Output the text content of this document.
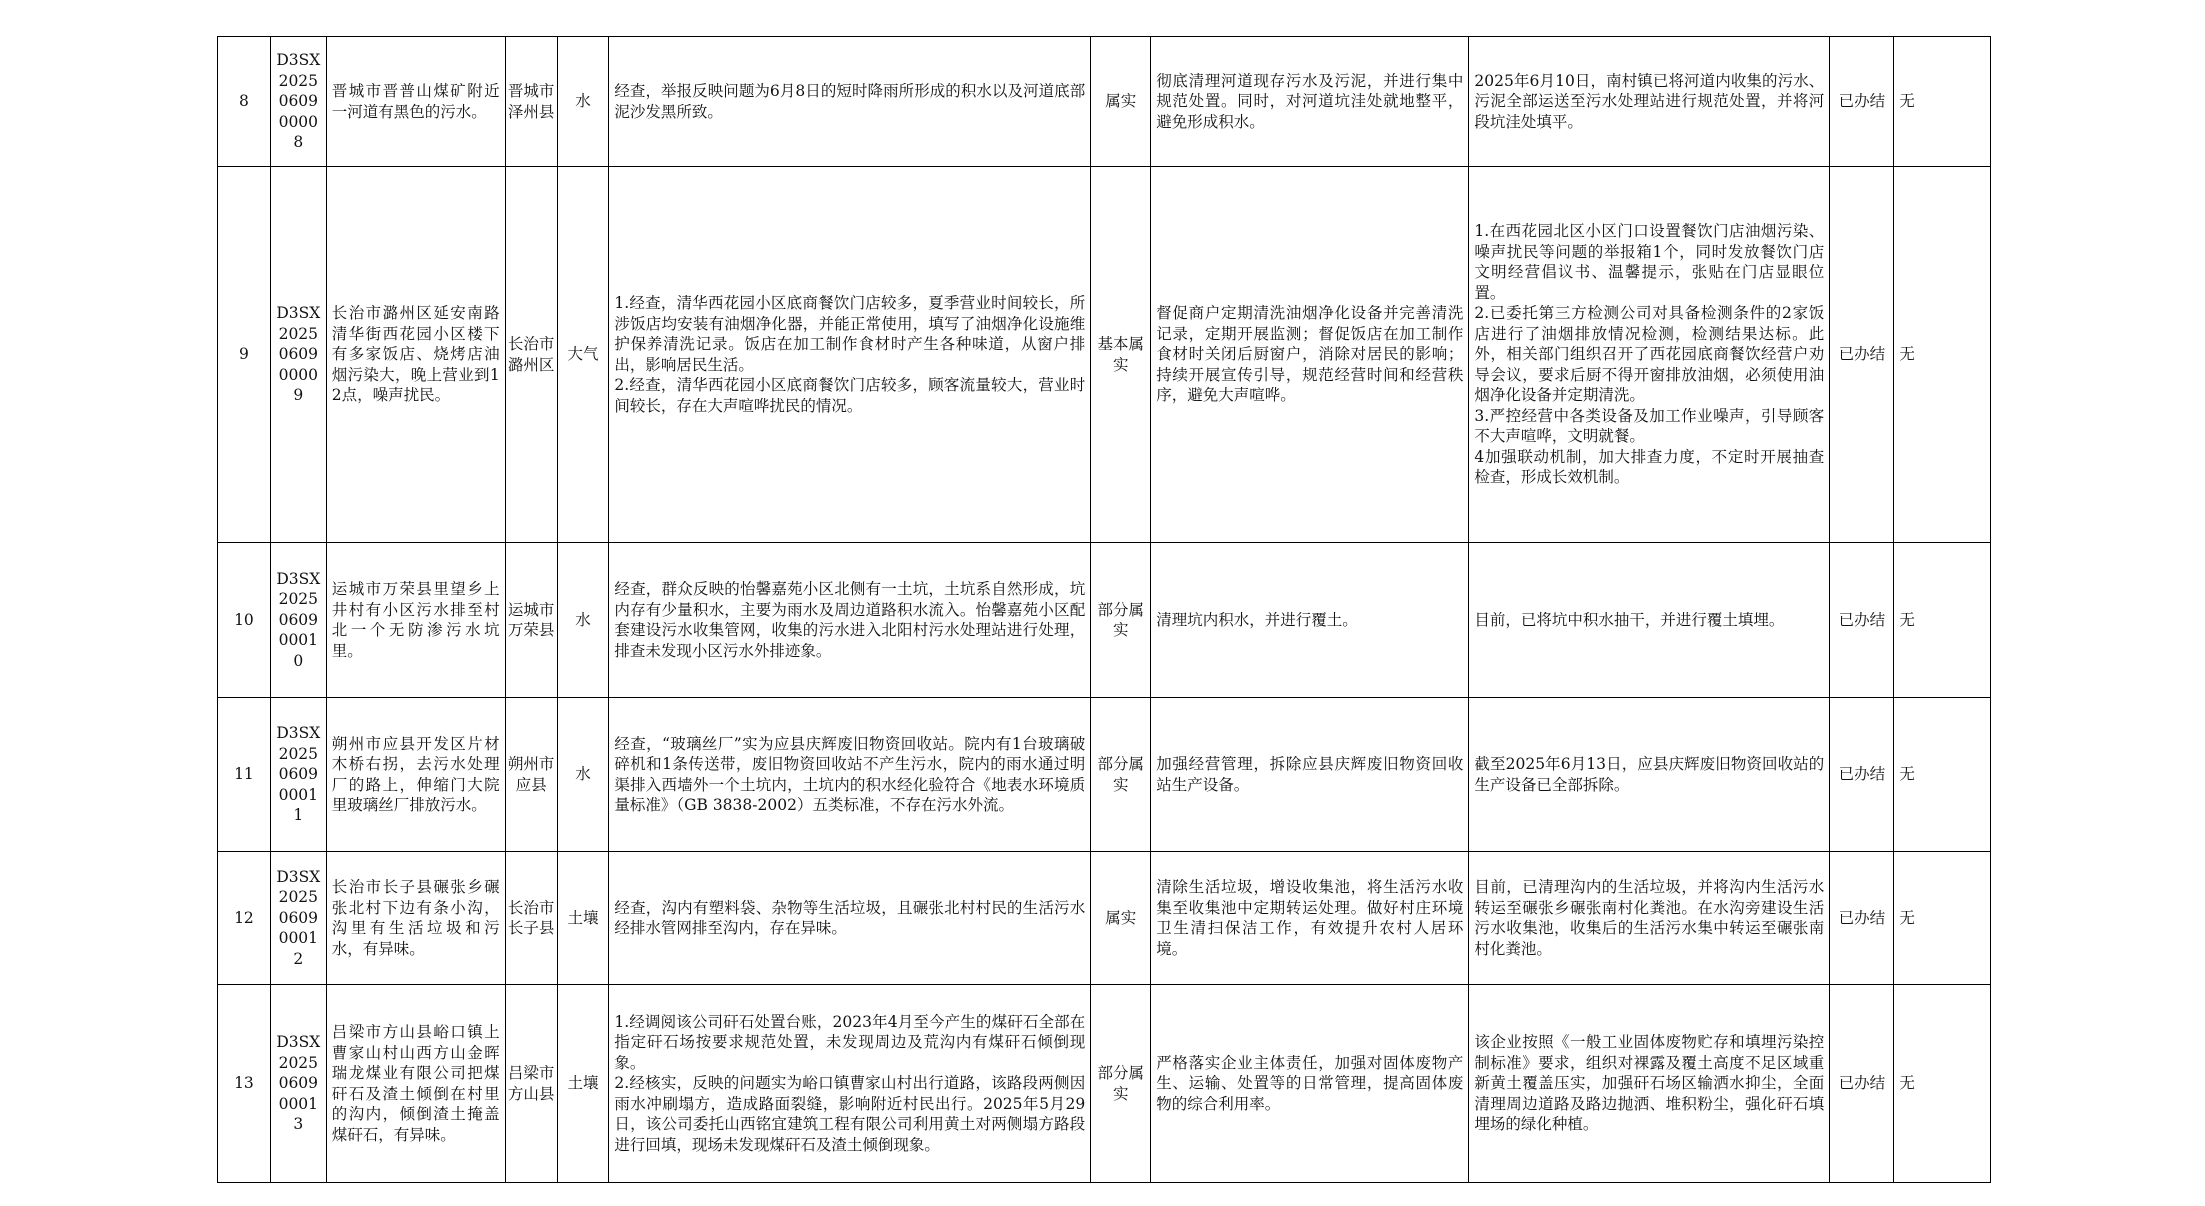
8	D3SX2025060900008	晋城市晋普山煤矿附近一河道有黑色的污水。	晋城市泽州县	水	经查，举报反映问题为6月8日的短时降雨所形成的积水以及河道底部泥沙发黑所致。	属实	彻底清理河道现存污水及污泥，并进行集中规范处置。同时，对河道坑洼处就地整平，避免形成积水。	2025年6月10日，南村镇已将河道内收集的污水、污泥全部运送至污水处理站进行规范处置，并将河段坑洼处填平。	已办结	无
9	D3SX2025060900009	长治市潞州区延安南路清华街西花园小区楼下有多家饭店、烧烤店油烟污染大，晚上营业到12点，噪声扰民。	长治市潞州区	大气	1.经查，清华西花园小区底商餐饮门店较多，夏季营业时间较长，所涉饭店均安装有油烟净化器，并能正常使用，填写了油烟净化设施维护保养清洗记录。饭店在加工制作食材时产生各种味道，从窗户排出，影响居民生活。
2.经查，清华西花园小区底商餐饮门店较多，顾客流量较大，营业时间较长，存在大声喧哗扰民的情况。	基本属实	督促商户定期清洗油烟净化设备并完善清洗记录，定期开展监测；督促饭店在加工制作食材时关闭后厨窗户，消除对居民的影响；持续开展宣传引导，规范经营时间和经营秩序，避免大声喧哗。	1.在西花园北区小区门口设置餐饮门店油烟污染、噪声扰民等问题的举报箱1个，同时发放餐饮门店文明经营倡议书、温馨提示，张贴在门店显眼位置。
2.已委托第三方检测公司对具备检测条件的2家饭店进行了油烟排放情况检测，检测结果达标。此外，相关部门组织召开了西花园底商餐饮经营户劝导会议，要求后厨不得开窗排放油烟，必须使用油烟净化设备并定期清洗。
3.严控经营中各类设备及加工作业噪声，引导顾客不大声喧哗，文明就餐。
4加强联动机制，加大排查力度，不定时开展抽查检查，形成长效机制。	已办结	无
10	D3SX2025060900010	运城市万荣县里望乡上井村有小区污水排至村北一个无防渗污水坑里。	运城市万荣县	水	经查，群众反映的怡馨嘉苑小区北侧有一土坑，土坑系自然形成，坑内存有少量积水，主要为雨水及周边道路积水流入。怡馨嘉苑小区配套建设污水收集管网，收集的污水进入北阳村污水处理站进行处理，排查未发现小区污水外排迹象。	部分属实	清理坑内积水，并进行覆土。	目前，已将坑中积水抽干，并进行覆土填埋。	已办结	无
11	D3SX2025060900011	朔州市应县开发区片材木桥右拐，去污水处理厂的路上，伸缩门大院里玻璃丝厂排放污水。	朔州市应县	水	经查，“玻璃丝厂”实为应县庆辉废旧物资回收站。院内有1台玻璃破碎机和1条传送带，废旧物资回收站不产生污水，院内的雨水通过明渠排入西墙外一个土坑内，土坑内的积水经化验符合《地表水环境质量标准》（GB 3838-2002）五类标准，不存在污水外流。	部分属实	加强经营管理，拆除应县庆辉废旧物资回收站生产设备。	截至2025年6月13日，应县庆辉废旧物资回收站的生产设备已全部拆除。	已办结	无
12	D3SX2025060900012	长治市长子县碾张乡碾张北村下边有条小沟，沟里有生活垃圾和污水，有异味。	长治市长子县	土壤	经查，沟内有塑料袋、杂物等生活垃圾，且碾张北村村民的生活污水经排水管网排至沟内，存在异味。	属实	清除生活垃圾，增设收集池，将生活污水收集至收集池中定期转运处理。做好村庄环境卫生清扫保洁工作，有效提升农村人居环境。	目前，已清理沟内的生活垃圾，并将沟内生活污水转运至碾张乡碾张南村化粪池。在水沟旁建设生活污水收集池，收集后的生活污水集中转运至碾张南村化粪池。	已办结	无
13	D3SX2025060900013	吕梁市方山县峪口镇上曹家山村山西方山金晖瑞龙煤业有限公司把煤矸石及渣土倾倒在村里的沟内，倾倒渣土掩盖煤矸石，有异味。	吕梁市方山县	土壤	1.经调阅该公司矸石处置台账，2023年4月至今产生的煤矸石全部在指定矸石场按要求规范处置，未发现周边及荒沟内有煤矸石倾倒现象。
2.经核实，反映的问题实为峪口镇曹家山村出行道路，该路段两侧因雨水冲刷塌方，造成路面裂缝，影响附近村民出行。2025年5月29日，该公司委托山西铭宜建筑工程有限公司利用黄土对两侧塌方路段进行回填，现场未发现煤矸石及渣土倾倒现象。	部分属实	严格落实企业主体责任，加强对固体废物产生、运输、处置等的日常管理，提高固体废物的综合利用率。	该企业按照《一般工业固体废物贮存和填埋污染控制标准》要求，组织对裸露及覆土高度不足区域重新黄土覆盖压实，加强矸石场区输洒水抑尘，全面清理周边道路及路边抛洒、堆积粉尘，强化矸石填埋场的绿化种植。	已办结	无
